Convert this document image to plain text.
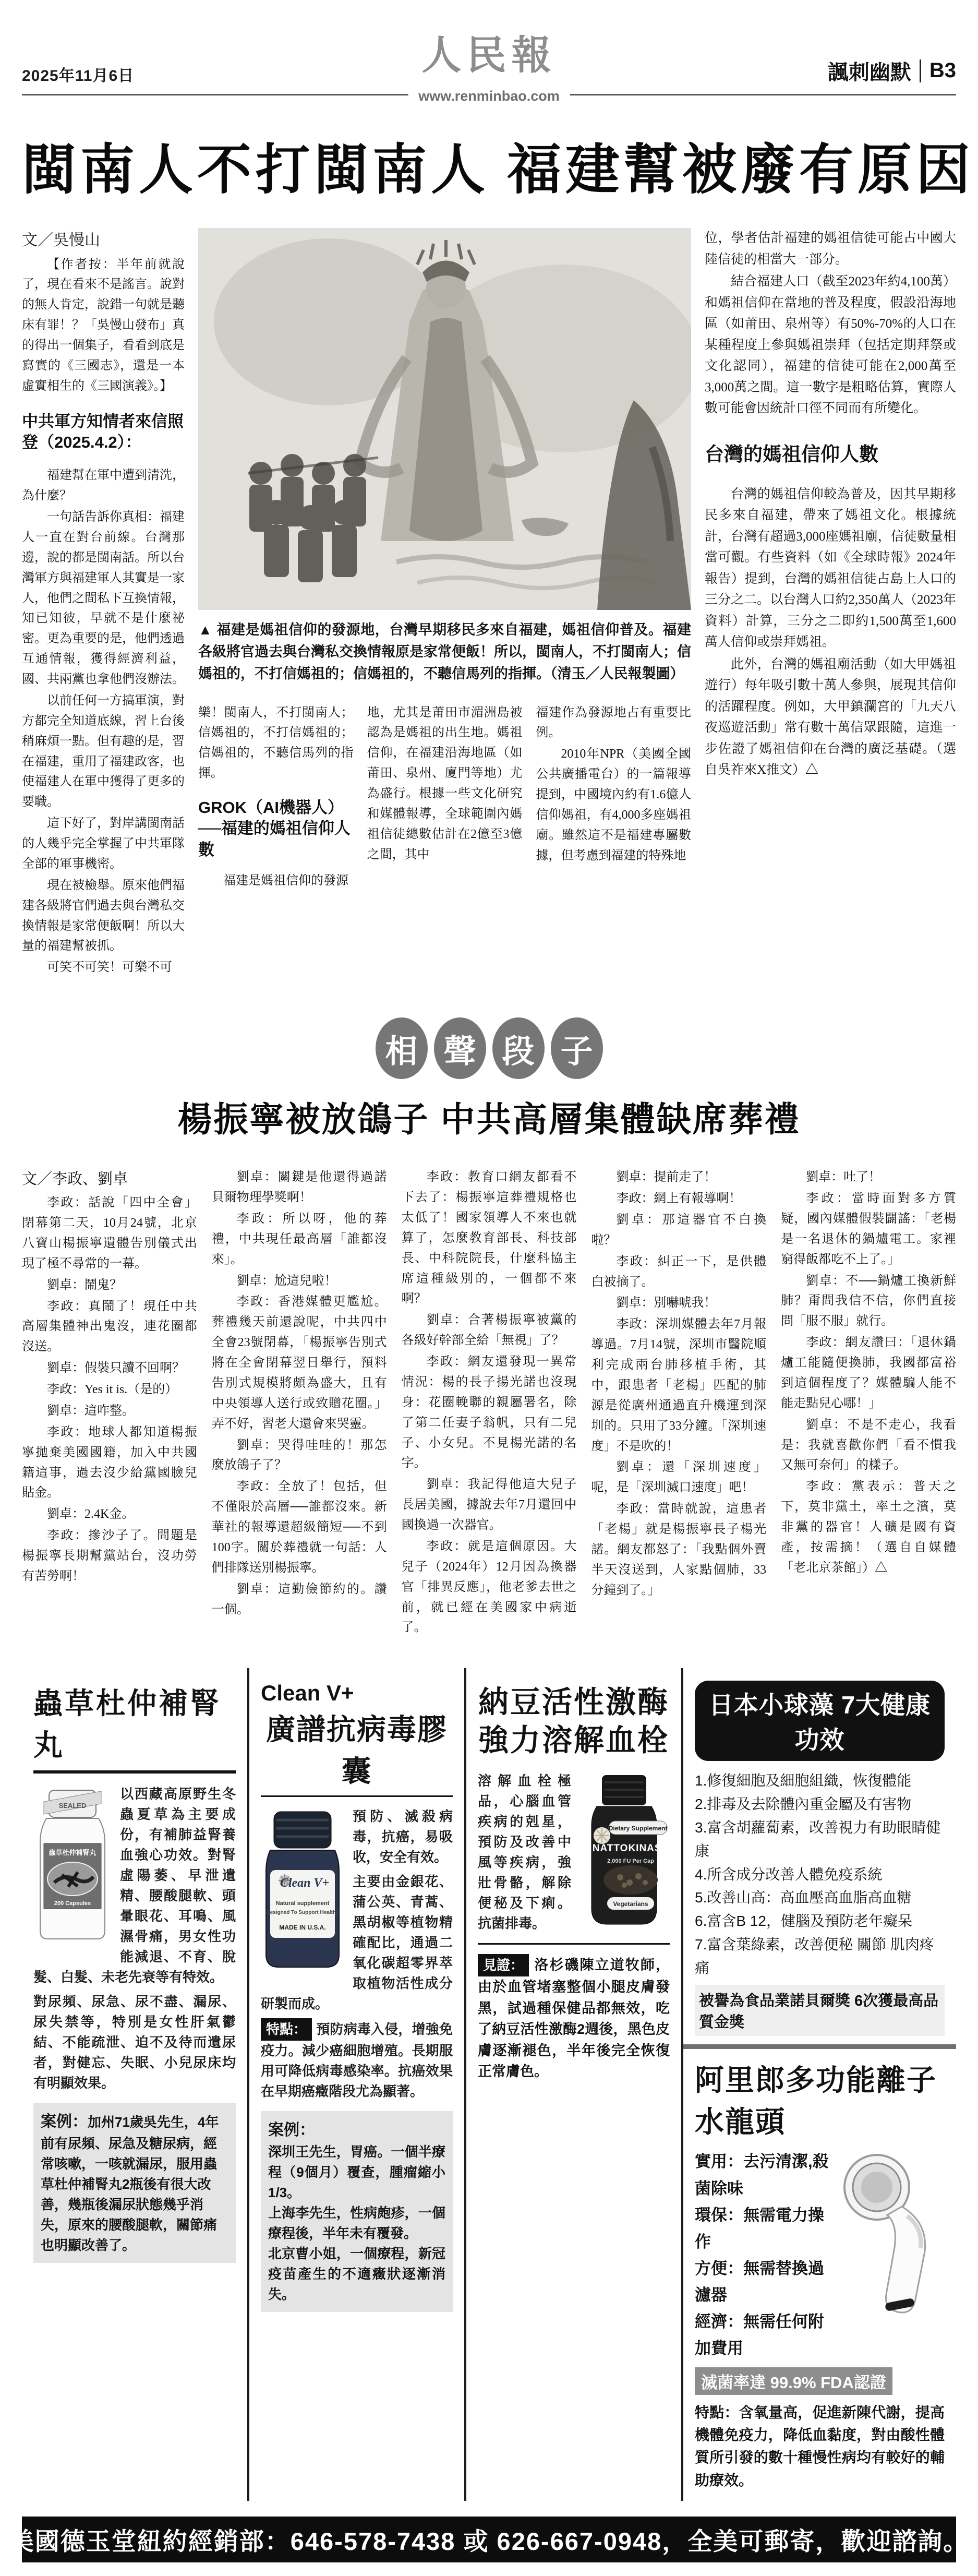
2025年11月6日	人民報
www.renminbao.com
諷刺幽默 B3
閩南人不打閩南人 福建幫被廢有原因

文／吳慢山

【作者按：半年前就說了，現在看來不是謠言。說對的無人肯定，說錯一句就是聽床有罪！？「吳慢山發布」真的得出一個集子，看看到底是寫實的《三國志》，還是一本虛實相生的《三國演義》。】

中共軍方知情者來信照登（2025.4.2）：

福建幫在軍中遭到清洗，為什麼？

一句話告訴你真相：福建人一直在對台前線。台灣那邊，說的都是閩南話。所以台灣軍方與福建軍人其實是一家人，他們之間私下互換情報，知已知彼，早就不是什麼祕密。更為重要的是，他們透過互通情報，獲得經濟利益，國、共兩黨也拿他們沒辦法。

以前任何一方搞軍演，對方都完全知道底線，習上台後稍麻煩一點。但有趣的是，習在福建，重用了福建政客，也使福建人在軍中獲得了更多的要職。

這下好了，對岸講閩南話的人幾乎完全掌握了中共軍隊全部的軍事機密。

現在被檢舉。原來他們福建各級將官們過去與台灣私交換情報是家常便飯啊！所以大量的福建幫被抓。

可笑不可笑！可樂不可

▲ 福建是媽祖信仰的發源地，台灣早期移民多來自福建，媽祖信仰普及。福建各級將官過去與台灣私交換情報原是家常便飯！所以，閩南人，不打閩南人；信媽祖的，不打信媽祖的；信媽祖的，不聽信馬列的指揮。（清玉／人民報製圖）

樂！閩南人，不打閩南人；信媽祖的，不打信媽祖的；信媽祖的，不聽信馬列的指揮。

GROK（AI機器人）──福建的媽祖信仰人數

福建是媽祖信仰的發源

地，尤其是莆田市湄洲島被認為是媽祖的出生地。媽祖信仰，在福建沿海地區（如莆田、泉州、廈門等地）尤為盛行。根據一些文化研究和媒體報導，全球範圍內媽祖信徒總數估計在2億至3億之間，其中

福建作為發源地占有重要比例。

2010年NPR（美國全國公共廣播電台）的一篇報導提到，中國境內約有1.6億人信仰媽祖，有4,000多座媽祖廟。雖然這不是福建專屬數據，但考慮到福建的特殊地

位，學者估計福建的媽祖信徒可能占中國大陸信徒的相當大一部分。

結合福建人口（截至2023年約4,100萬）和媽祖信仰在當地的普及程度，假設沿海地區（如莆田、泉州等）有50%-70%的人口在某種程度上參與媽祖崇拜（包括定期拜祭或文化認同），福建的信徒可能在2,000萬至3,000萬之間。這一數字是粗略估算，實際人數可能會因統計口徑不同而有所變化。

台灣的媽祖信仰人數

台灣的媽祖信仰較為普及，因其早期移民多來自福建，帶來了媽祖文化。根據統計，台灣有超過3,000座媽祖廟，信徒數量相當可觀。有些資料（如《全球時報》2024年報告）提到，台灣的媽祖信徒占島上人口的三分之二。以台灣人口約2,350萬人（2023年資料）計算，三分之二即約1,500萬至1,600萬人信仰或崇拜媽祖。

此外，台灣的媽祖廟活動（如大甲媽祖遊行）每年吸引數十萬人參與，展現其信仰的活躍程度。例如，大甲鎮瀾宮的「九天八夜巡遊活動」常有數十萬信眾跟隨，這進一步佐證了媽祖信仰在台灣的廣泛基礎。（選自吳祚來X推文）△

相 聲 段 子
楊振寧被放鴿子 中共高層集體缺席葬禮

文／李政、劉卓

李政：話說「四中全會」閉幕第二天，10月24號，北京八寶山楊振寧遺體告別儀式出現了極不尋常的一幕。

劉卓：鬧鬼？

李政：真鬧了！現任中共高層集體神出鬼沒，連花圈都沒送。

劉卓：假裝只讀不回啊？

李政：Yes it is.（是的）

劉卓：這咋整。

李政：地球人都知道楊振寧拋棄美國國籍，加入中共國籍這事，過去沒少給黨國臉兒貼金。

劉卓：2.4K金。

李政：摻沙子了。問題是楊振寧長期幫黨站台，沒功勞有苦勞啊！

劉卓：關鍵是他還得過諾貝爾物理學獎啊！

李政：所以呀，他的葬禮，中共現任最高層「誰都沒來」。

劉卓：尬這兒啦！

李政：香港媒體更尷尬。葬禮幾天前還說呢，中共四中全會23號閉幕，「楊振寧告別式將在全會閉幕翌日舉行，預料告別式規模將頗為盛大，且有中央領導人送行或致贈花圈。」弄不好，習老大還會來哭靈。

劉卓：哭得哇哇的！那怎麼放鴿子了？

李政：全放了！包括，但不僅限於高層──誰都沒來。新華社的報導還超級簡短──不到100字。關於葬禮就一句話：人們排隊送別楊振寧。

劉卓：這勤儉節約的。讚一個。

李政：教育口網友都看不下去了：楊振寧這葬禮規格也太低了！國家領導人不來也就算了，怎麼教育部長、科技部長、中科院院長，什麼科協主席這種級別的，一個都不來啊？

劉卓：合著楊振寧被黨的各級好幹部全給「無視」了？

李政：網友還發現一異常情況：楊的長子揚光諾也沒現身：花圈輓聯的親屬署名，除了第二任妻子翁帆，只有二兒子、小女兒。不見楊光諾的名字。

劉卓：我記得他這大兒子長居美國，據說去年7月還回中國換過一次器官。

李政：就是這個原因。大兒子（2024年）12月因為換器官「排異反應」，他老爹去世之前，就已經在美國家中病逝了。

劉卓：提前走了！

李政：網上有報導啊！

劉卓：那這器官不白換啦？

李政：糾正一下，是供體白被摘了。

劉卓：別嚇唬我！

李政：深圳媒體去年7月報導過。7月14號，深圳市醫院順利完成兩台肺移植手術，其中，跟患者「老楊」匹配的肺源是從廣州通過直升機運到深圳的。只用了33分鐘。「深圳速度」不是吹的！

劉卓：還「深圳速度」呢，是「深圳滅口速度」吧！

李政：當時就說，這患者「老楊」就是楊振寧長子楊光諾。網友都怒了：「我點個外賣半天沒送到，人家點個肺，33分鐘到了。」

劉卓：吐了！

李政：當時面對多方質疑，國內媒體假裝闢謠：「老楊是一名退休的鍋爐電工。家裡窮得飯都吃不上了。」

劉卓：不──鍋爐工換新鮮肺？甭問我信不信，你們直接問「服不服」就行。

李政：網友讚曰：「退休鍋爐工能隨便換肺，我國都富裕到這個程度了？媒體騙人能不能走點兒心哪！」

劉卓：不是不走心，我看是：我就喜歡你們「看不慣我又無可奈何」的樣子。

李政：黨表示：普天之下，莫非黨土，率土之濱，莫非黨的器官！人礦是國有資產，按需摘！（選自自媒體「老北京茶館」）△

蟲草杜仲補腎丸
SEALED
蟲草杜仲補腎丸
200 Capsules

以西藏高原野生冬蟲夏草為主要成份，有補肺益腎養血強心功效。對腎虛陽萎、早泄遺精、腰酸腿軟、頭暈眼花、耳鳴、風濕骨痛，男女性功能減退、不育、脫髮、白髮、未老先衰等有特效。

對尿頻、尿急、尿不盡、漏尿、尿失禁等，特別是女性肝氣鬱結、不能疏泄、迫不及待而遺尿者，對健忘、失眠、小兒尿床均有明顯效果。

案例：加州71歲吳先生，4年前有尿頻、尿急及糖尿病，經常咳嗽，一咳就漏尿，服用蟲草杜仲補腎丸2瓶後有很大改善，幾瓶後漏尿狀態幾乎消失，原來的腰酸腿軟，關節痛也明顯改善了。

Clean V+

廣譜抗病毒膠囊
Clean V+
Natural supplement
Designed To Support Healthy
MADE IN U.S.A.

預防、滅殺病毒，抗癌，易吸收，安全有效。

主要由金銀花、蒲公英、青蒿、黑胡椒等植物精確配比，通過二氧化碳超零界萃取植物活性成分研製而成。

特點： 預防病毒入侵，增強免疫力。減少癌細胞增殖。長期服用可降低病毒感染率。抗癌效果在早期癌癥階段尤為顯著。

案例：

深圳王先生，胃癌。一個半療程（9個月）覆查，腫瘤縮小1/3。

上海李先生，性病皰疹，一個療程後，半年未有覆發。

北京曹小姐，一個療程，新冠疫苗產生的不適癥狀逐漸消失。

納豆活性激酶
強力溶解血栓
Dietary Supplement
NATTOKINASE
2,000 FU Per Cap
Vegetarians

溶解血栓極品，心腦血管疾病的剋星，預防及改善中風等疾病，強壯骨骼，解除便秘及下痢。抗菌排毒。

見證： 洛杉磯陳立道牧師，由於血管堵塞整個小腿皮膚發黑，試過種保健品都無效，吃了納豆活性激酶2週後，黑色皮膚逐漸褪色，半年後完全恢復正常膚色。

日本小球藻 7大健康功效

1.修復細胞及細胞組織，恢復體能

2.排毒及去除體內重金屬及有害物

3.富含胡蘿蔔素，改善視力有助眼睛健康

4.所含成分改善人體免疫系統

5.改善山高：高血壓高血脂高血糖

6.富含B 12，健腦及預防老年癡呆

7.富含葉綠素，改善便秘 關節 肌肉疼痛

被譽為食品業諾貝爾獎 6次獲最高品質金獎
阿里郎多功能離子水龍頭

實用：去污清潔,殺菌除味

環保：無需電力操作

方便：無需替換過濾器

經濟：無需任何附加費用

滅菌率達 99.9% FDA認證

特點：含氧量高，促進新陳代謝，提高機體免疫力，降低血黏度，對由酸性體質所引發的數十種慢性病均有較好的輔助療效。

美國德玉堂紐約經銷部：646-578-7438 或 626-667-0948，全美可郵寄，歡迎諮詢。
